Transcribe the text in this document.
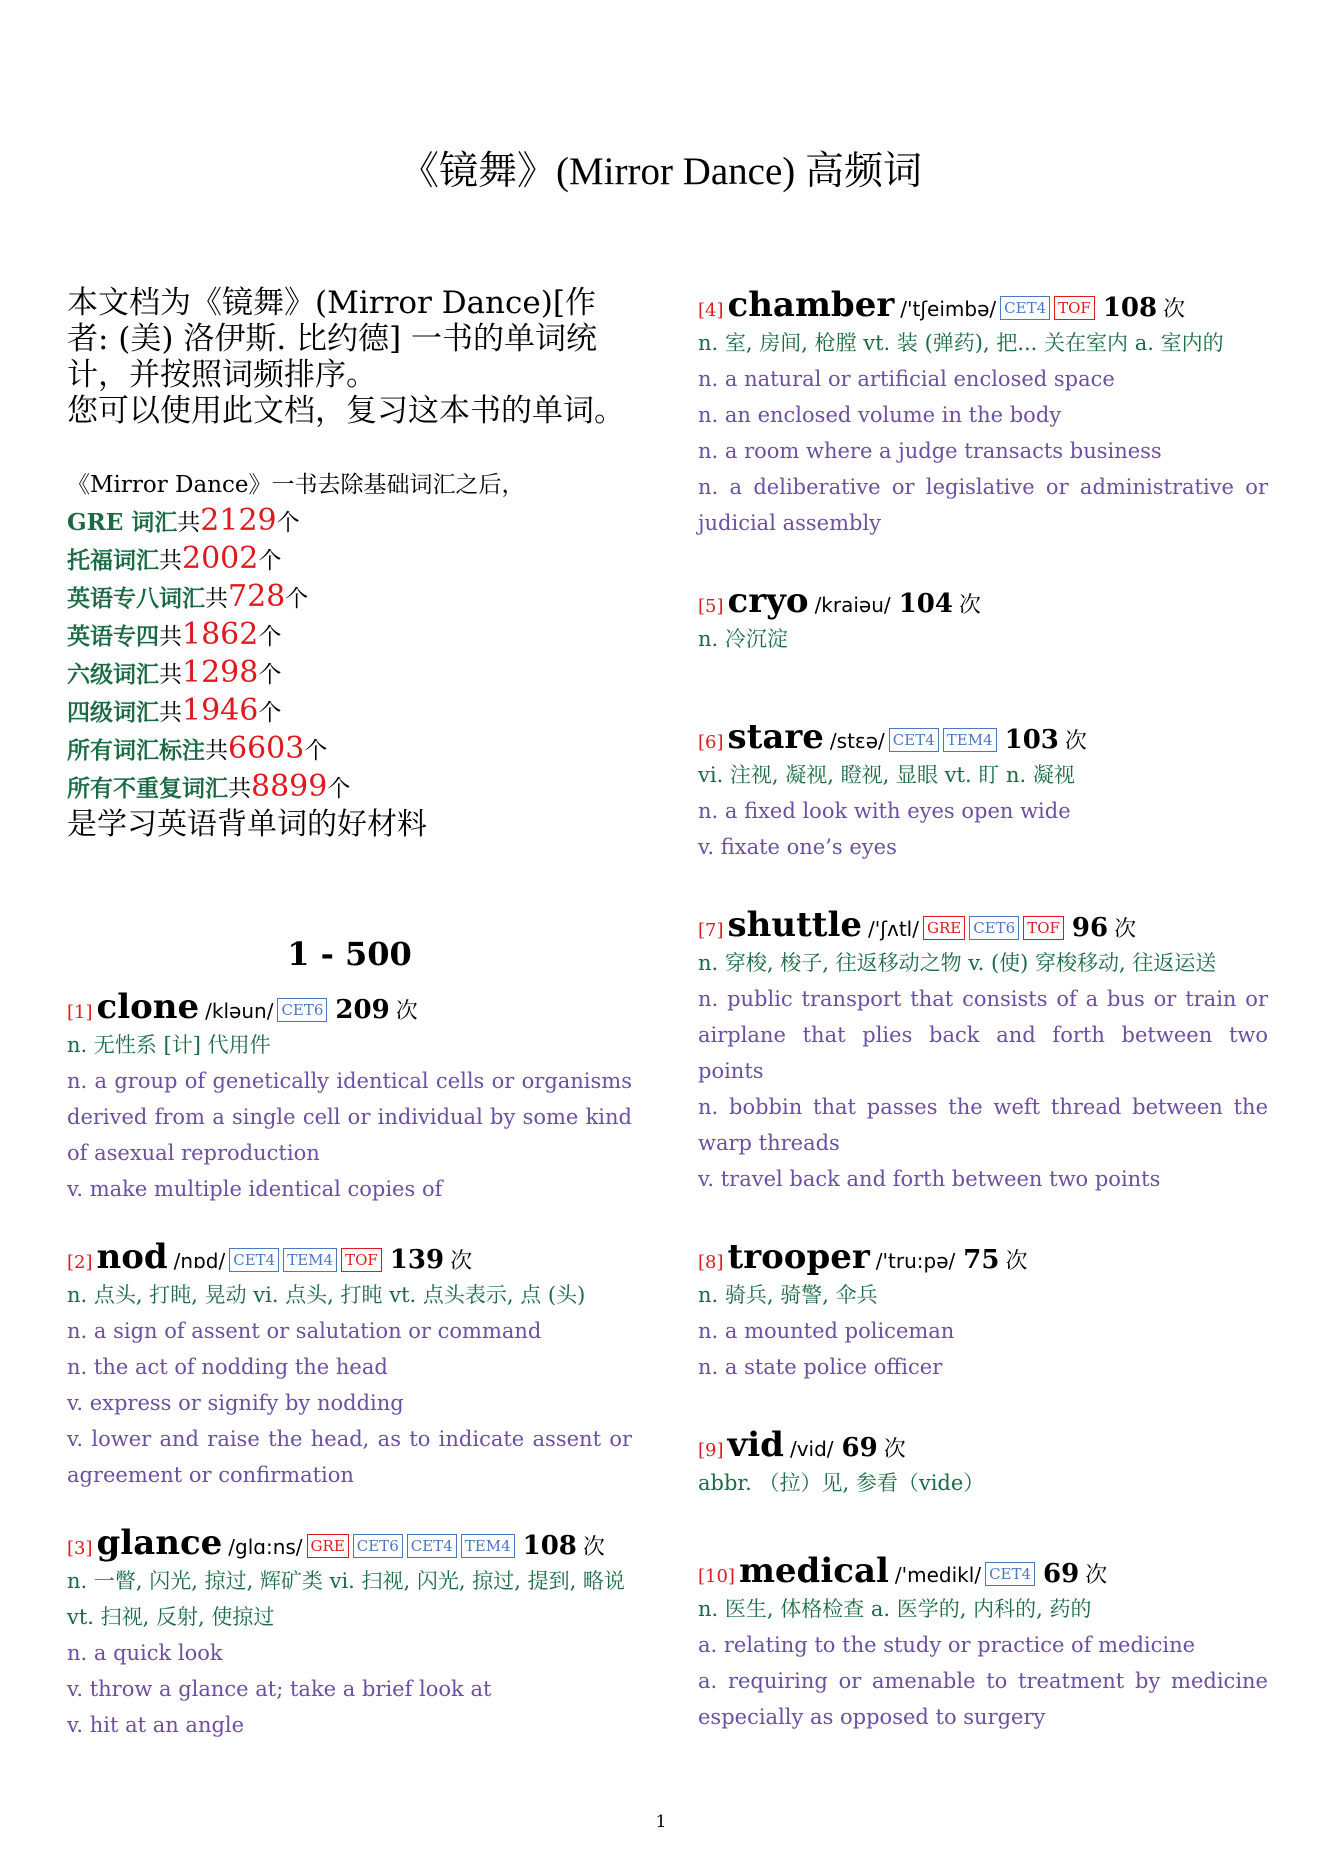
《镜舞》(Mirror Dance) 高频词
本文档为《镜舞》(Mirror Dance)[作者: (美) 洛伊斯. 比约德] 一书的单词统计，并按照词频排序。
您可以使用此文档，复习这本书的单词。
《Mirror Dance》一书去除基础词汇之后，
GRE 词汇共2129个
托福词汇共2002个
英语专八词汇共728个
英语专四共1862个
六级词汇共1298个
四级词汇共1946个
所有词汇标注共6603个
所有不重复词汇共8899个
是学习英语背单词的好材料
1 - 500
[1] clone /kləun/ CET6 209 次
n. 无性系 [计] 代用件
n. a group of genetically identical cells or organisms derived from a single cell or individual by some kind of asexual reproduction
v. make multiple identical copies of
[2] nod /nɒd/ CET4 TEM4 TOF 139 次
n. 点头, 打盹, 晃动 vi. 点头, 打盹 vt. 点头表示, 点 (头)
n. a sign of assent or salutation or command
n. the act of nodding the head
v. express or signify by nodding
v. lower and raise the head, as to indicate assent or agreement or confirmation
[3] glance /glɑ:ns/ GRE CET6 CET4 TEM4 108 次
n. 一瞥, 闪光, 掠过, 辉矿类 vi. 扫视, 闪光, 掠过, 提到, 略说 vt. 扫视, 反射, 使掠过
n. a quick look
v. throw a glance at; take a brief look at
v. hit at an angle
[4] chamber /'tʃeimbə/ CET4 TOF 108 次
n. 室, 房间, 枪膛 vt. 装 (弹药), 把... 关在室内 a. 室内的
n. a natural or artificial enclosed space
n. an enclosed volume in the body
n. a room where a judge transacts business
n. a deliberative or legislative or administrative or judicial assembly
[5] cryo /kraiəu/ 104 次
n. 冷沉淀
[6] stare /stɛə/ CET4 TEM4 103 次
vi. 注视, 凝视, 瞪视, 显眼 vt. 盯 n. 凝视
n. a fixed look with eyes open wide
v. fixate one’s eyes
[7] shuttle /'ʃʌtl/ GRE CET6 TOF 96 次
n. 穿梭, 梭子, 往返移动之物 v. (使) 穿梭移动, 往返运送
n. public transport that consists of a bus or train or airplane that plies back and forth between two points
n. bobbin that passes the weft thread between the warp threads
v. travel back and forth between two points
[8] trooper /'tru:pə/ 75 次
n. 骑兵, 骑警, 伞兵
n. a mounted policeman
n. a state police officer
[9] vid /vid/ 69 次
abbr. （拉）见, 参看（vide）
[10] medical /'medikl/ CET4 69 次
n. 医生, 体格检查 a. 医学的, 内科的, 药的
a. relating to the study or practice of medicine
a. requiring or amenable to treatment by medicine especially as opposed to surgery
1
